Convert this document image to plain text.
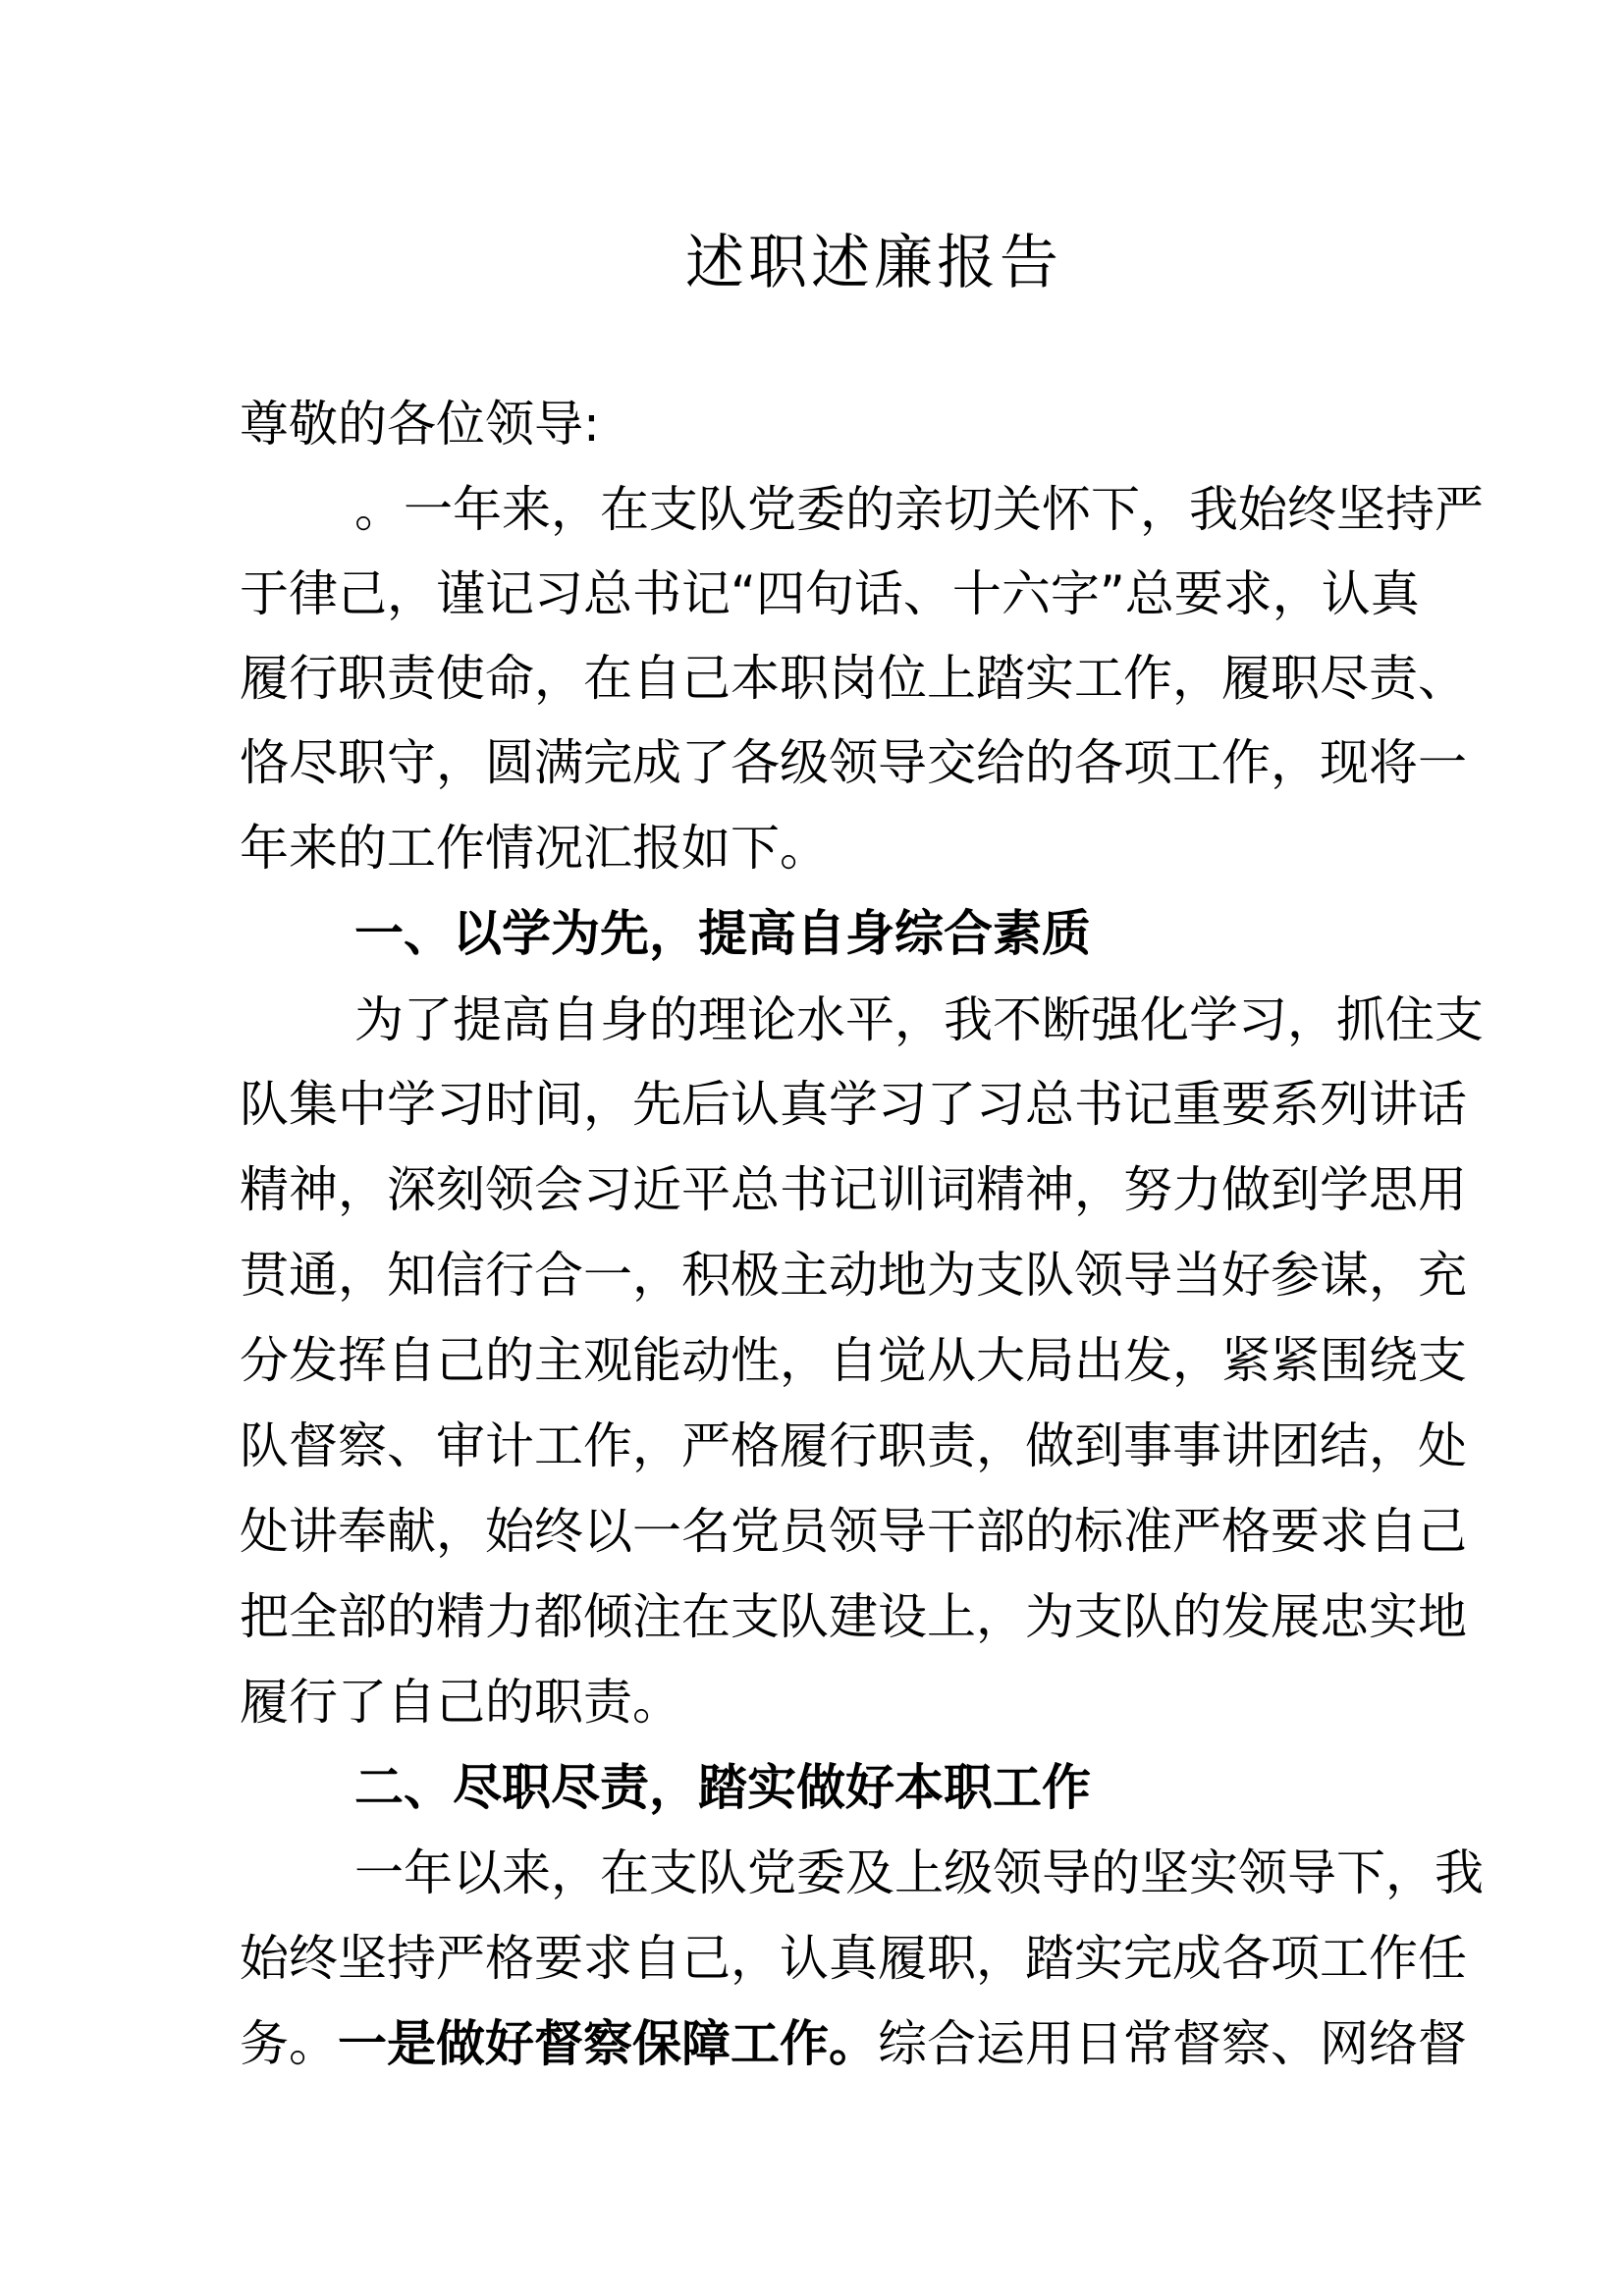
述职述廉报告
尊敬的各位领导:
。一年来，在支队党委的亲切关怀下，我始终坚持严
于律己，谨记习总书记“四句话、十六字”总要求，认真
履行职责使命，在自己本职岗位上踏实工作，履职尽责、
恪尽职守，圆满完成了各级领导交给的各项工作，现将一
年来的工作情况汇报如下。
一、以学为先，提高自身综合素质
为了提高自身的理论水平，我不断强化学习，抓住支
队集中学习时间，先后认真学习了习总书记重要系列讲话
精神，深刻领会习近平总书记训词精神，努力做到学思用
贯通，知信行合一，积极主动地为支队领导当好参谋，充
分发挥自己的主观能动性，自觉从大局出发，紧紧围绕支
队督察、审计工作，严格履行职责，做到事事讲团结，处
处讲奉献，始终以一名党员领导干部的标准严格要求自己
把全部的精力都倾注在支队建设上，为支队的发展忠实地
履行了自己的职责。
二、尽职尽责，踏实做好本职工作
一年以来，在支队党委及上级领导的坚实领导下，我
始终坚持严格要求自己，认真履职，踏实完成各项工作任
务。一是做好督察保障工作。综合运用日常督察、网络督
